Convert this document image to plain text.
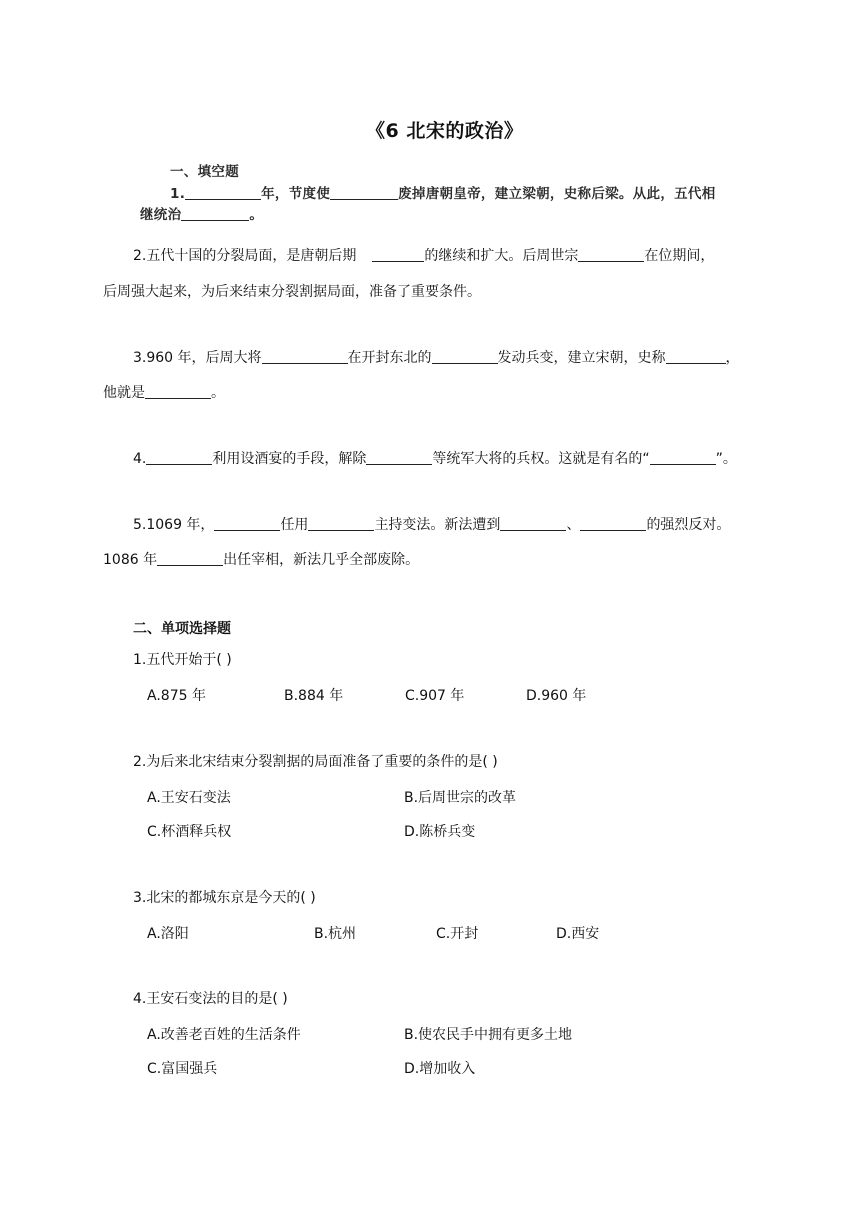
《6 北宋的政治》
一、填空题
1.	年，节度使	废掉唐朝皇帝，建立梁朝，史称后梁。从此，五代相
继统治	。
2.五代十国的分裂局面，是唐朝后期	的继续和扩大。后周世宗	在位期间，
后周强大起来，为后来结束分裂割据局面，准备了重要条件。
3.960 年，后周大将	在开封东北的	发动兵变，建立宋朝，史称	，
他就是	。
4.	利用设酒宴的手段，解除	等统军大将的兵权。这就是有名的“	”。
5.1069 年，	任用	主持变法。新法遭到	、	的强烈反对。
1086 年	出任宰相，新法几乎全部废除。
二、单项选择题
1.五代开始于( )
A.875 年	B.884 年	C.907 年	D.960 年
2.为后来北宋结束分裂割据的局面准备了重要的条件的是( )
A.王安石变法	B.后周世宗的改革
C.杯酒释兵权	D.陈桥兵变
3.北宋的都城东京是今天的( )
A.洛阳	B.杭州	C.开封	D.西安
4.王安石变法的目的是( )
A.改善老百姓的生活条件	B.使农民手中拥有更多土地
C.富国强兵	D.增加收入
